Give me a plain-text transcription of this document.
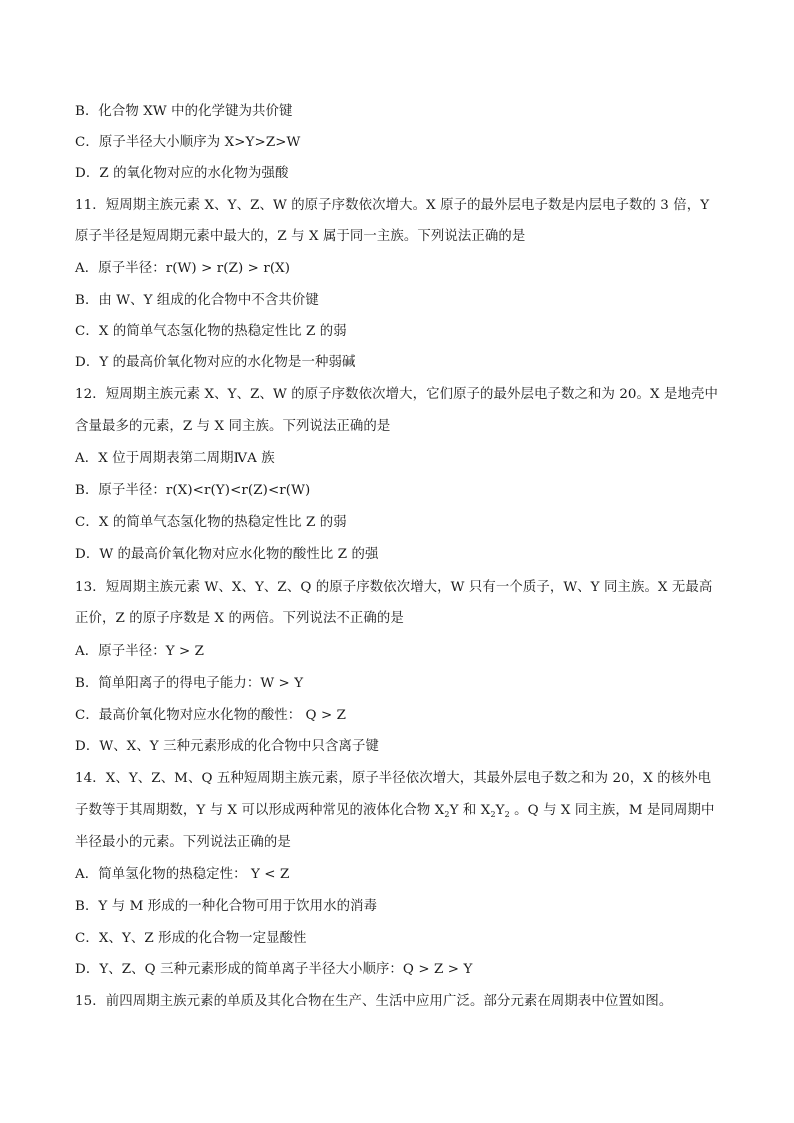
B．化合物 XW 中的化学键为共价键
C．原子半径大小顺序为 X>Y>Z>W
D．Z 的氧化物对应的水化物为强酸
11．短周期主族元素 X、Y、Z、W 的原子序数依次增大。X 原子的最外层电子数是内层电子数的 3 倍，Y
原子半径是短周期元素中最大的，Z 与 X 属于同一主族。下列说法正确的是
A．原子半径：r(W) > r(Z) > r(X)
B．由 W、Y 组成的化合物中不含共价键
C．X 的简单气态氢化物的热稳定性比 Z 的弱
D．Y 的最高价氧化物对应的水化物是一种弱碱
12．短周期主族元素 X、Y、Z、W 的原子序数依次增大，它们原子的最外层电子数之和为 20。X 是地壳中
含量最多的元素，Z 与 X 同主族。下列说法正确的是
A．X 位于周期表第二周期ⅣA 族
B．原子半径：r(X)<r(Y)<r(Z)<r(W)
C．X 的简单气态氢化物的热稳定性比 Z 的弱
D．W 的最高价氧化物对应水化物的酸性比 Z 的强
13．短周期主族元素 W、X、Y、Z、Q 的原子序数依次增大，W 只有一个质子，W、Y 同主族。X 无最高
正价，Z 的原子序数是 X 的两倍。下列说法不正确的是
A．原子半径：Y > Z
B．简单阳离子的得电子能力：W > Y
C．最高价氧化物对应水化物的酸性： Q > Z
D．W、X、Y 三种元素形成的化合物中只含离子键
14．X、Y、Z、M、Q 五种短周期主族元素，原子半径依次增大，其最外层电子数之和为 20，X 的核外电
子数等于其周期数，Y 与 X 可以形成两种常见的液体化合物 $X_2Y$ 和 $X_2Y_2$ 。Q 与 X 同主族，M 是同周期中
半径最小的元素。下列说法正确的是
A．简单氢化物的热稳定性： Y < Z
B．Y 与 M 形成的一种化合物可用于饮用水的消毒
C．X、Y、Z 形成的化合物一定显酸性
D．Y、Z、Q 三种元素形成的简单离子半径大小顺序：Q > Z > Y
15．前四周期主族元素的单质及其化合物在生产、生活中应用广泛。部分元素在周期表中位置如图。
